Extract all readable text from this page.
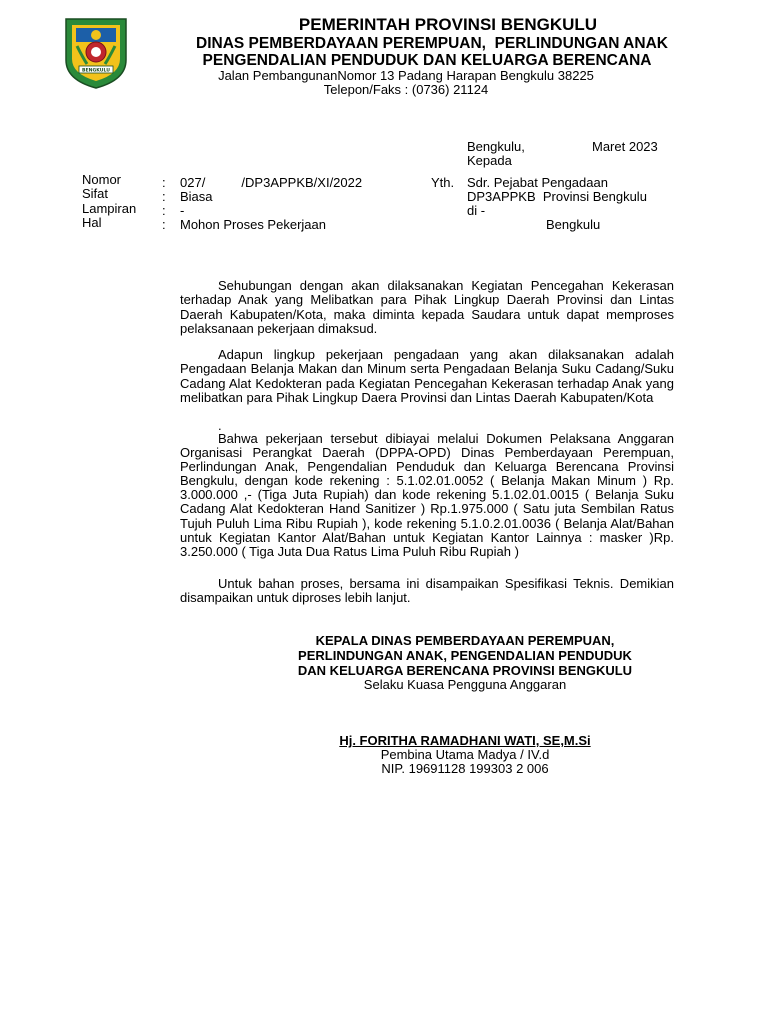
BENGKULU
PEMERINTAH PROVINSI BENGKULU
DINAS PEMBERDAYAAN PEREMPUAN,  PERLINDUNGAN ANAK
PENGENDALIAN PENDUDUK DAN KELUARGA BERENCANA
Jalan PembangunanNomor 13 Padang Harapan Bengkulu 38225
Telepon/Faks : (0736) 21124
Bengkulu,	Maret 2023
Kepada
Nomor	: 027/          /DP3APPKB/XI/2022
Sifat	: Biasa
Lampiran : -
Hal	: Mohon Proses Pekerjaan
Yth. Sdr. Pejabat Pengadaan
DP3APPKB  Provinsi Bengkulu
di -
Bengkulu

Sehubungan dengan akan dilaksanakan Kegiatan Pencegahan Kekerasan terhadap Anak yang Melibatkan para Pihak Lingkup Daerah Provinsi dan Lintas Daerah Kabupaten/Kota, maka diminta kepada Saudara untuk dapat memproses pelaksanaan pekerjaan dimaksud.

Adapun lingkup pekerjaan pengadaan yang akan dilaksanakan adalah Pengadaan Belanja Makan dan Minum serta Pengadaan Belanja Suku Cadang/Suku Cadang Alat Kedokteran pada Kegiatan Pencegahan Kekerasan terhadap Anak yang melibatkan para Pihak Lingkup Daera Provinsi dan Lintas Daerah Kabupaten/Kota

.

Bahwa pekerjaan tersebut dibiayai melalui Dokumen Pelaksana Anggaran Organisasi Perangkat Daerah (DPPA-OPD) Dinas Pemberdayaan Perempuan, Perlindungan Anak, Pengendalian Penduduk dan Keluarga Berencana Provinsi Bengkulu, dengan kode rekening : 5.1.02.01.0052 ( Belanja Makan Minum ) Rp. 3.000.000 ,- (Tiga Juta Rupiah) dan kode rekening 5.1.02.01.0015 ( Belanja Suku Cadang Alat Kedokteran Hand Sanitizer ) Rp.1.975.000 ( Satu juta Sembilan Ratus Tujuh Puluh Lima Ribu Rupiah ), kode rekening 5.1.0.2.01.0036 ( Belanja Alat/Bahan untuk Kegiatan Kantor Alat/Bahan untuk Kegiatan Kantor Lainnya : masker )Rp. 3.250.000 ( Tiga Juta Dua Ratus Lima Puluh Ribu Rupiah )

Untuk bahan proses, bersama ini disampaikan Spesifikasi Teknis. Demikian disampaikan untuk diproses lebih lanjut.

KEPALA DINAS PEMBERDAYAAN PEREMPUAN,
PERLINDUNGAN ANAK, PENGENDALIAN PENDUDUK
DAN KELUARGA BERENCANA PROVINSI BENGKULU
Selaku Kuasa Pengguna Anggaran
Hj. FORITHA RAMADHANI WATI, SE,M.Si
Pembina Utama Madya / IV.d
NIP. 19691128 199303 2 006
